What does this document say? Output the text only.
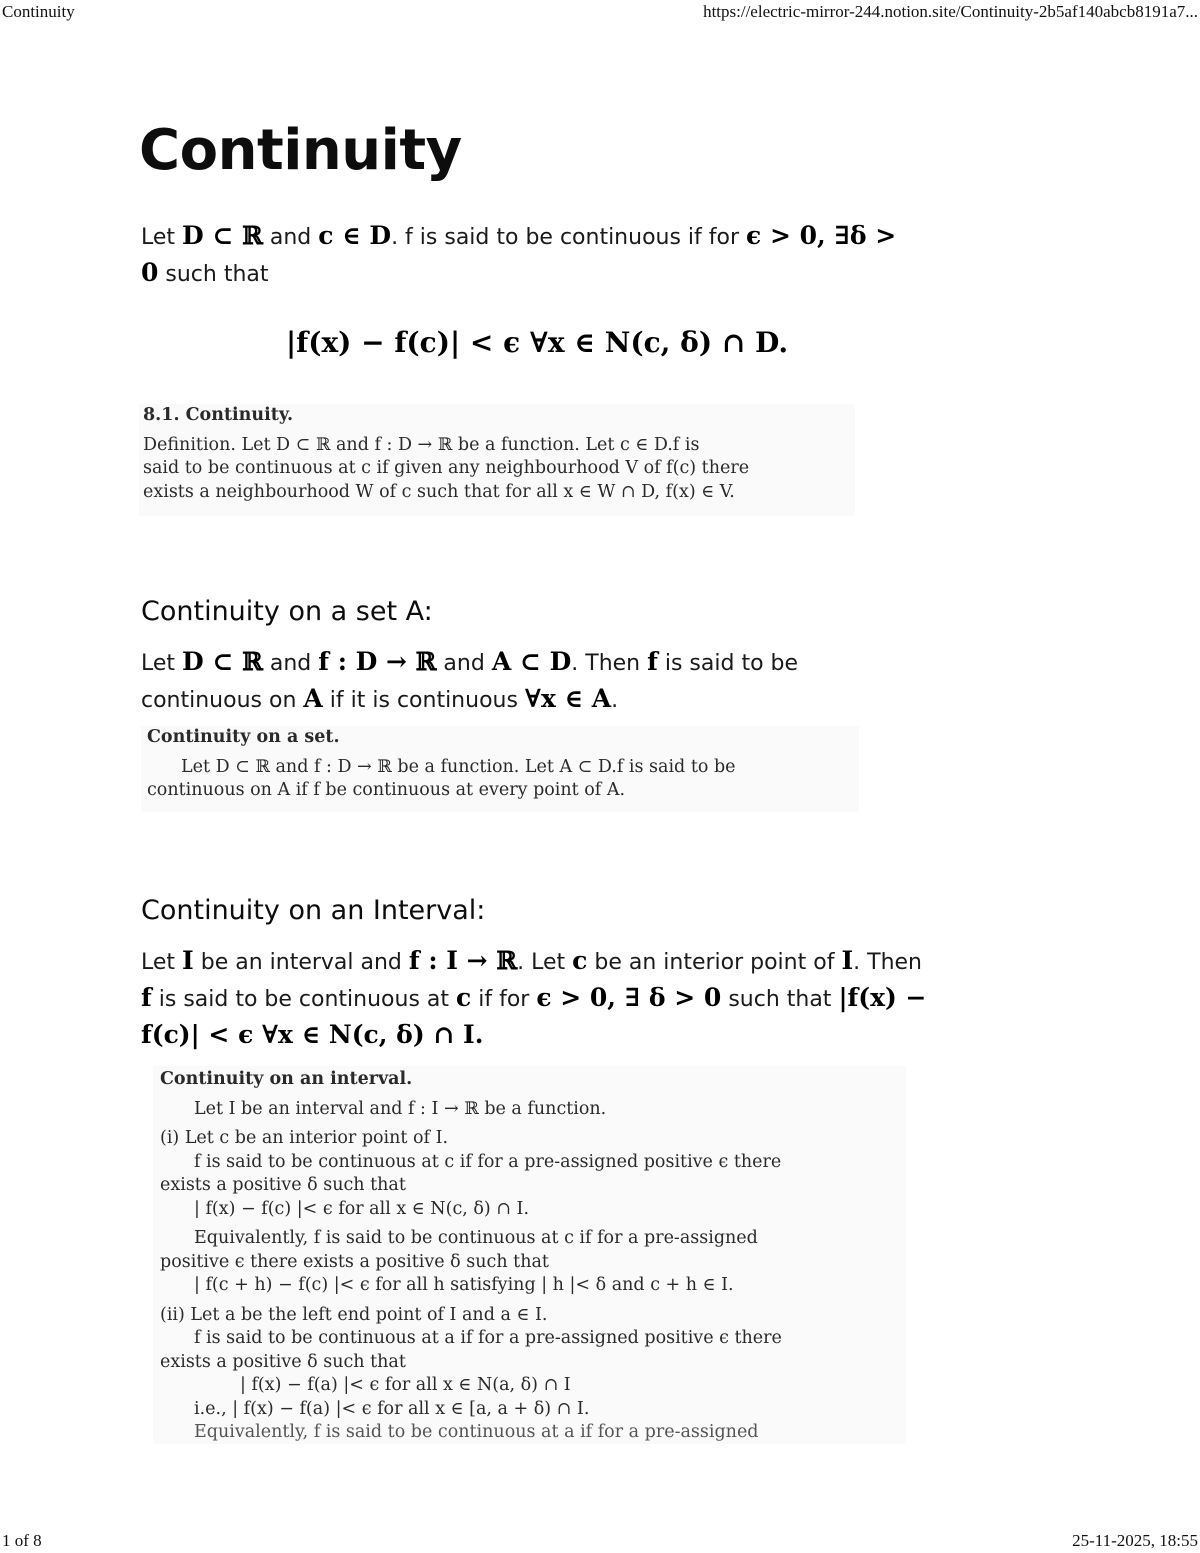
Continuity	https://electric-mirror-244.notion.site/Continuity-2b5af140abcb8191a7...
Continuity

Let D ⊂ ℝ and c ∈ D. f is said to be continuous if for ϵ > 0, ∃δ > 0 such that

|f(x) − f(c)| < ϵ ∀x ∈ N(c, δ) ∩ D.

8.1. Continuity.

Definition. Let D ⊂ ℝ and f : D → ℝ be a function. Let c ∈ D.f is

said to be continuous at c if given any neighbourhood V of f(c) there

exists a neighbourhood W of c such that for all x ∈ W ∩ D, f(x) ∈ V.

Continuity on a set A:

Let D ⊂ ℝ and f : D → ℝ and A ⊂ D. Then f is said to be continuous on A if it is continuous ∀x ∈ A.

Continuity on a set.

Let D ⊂ ℝ and f : D → ℝ be a function. Let A ⊂ D.f is said to be

continuous on A if f be continuous at every point of A.

Continuity on an Interval:

Let I be an interval and f : I → ℝ. Let c be an interior point of I. Then f is said to be continuous at c if for ϵ > 0, ∃ δ > 0 such that |f(x) − f(c)| < ϵ ∀x ∈ N(c, δ) ∩ I.

Continuity on an interval.

Let I be an interval and f : I → ℝ be a function.

(i) Let c be an interior point of I.

f is said to be continuous at c if for a pre-assigned positive ϵ there

exists a positive δ such that

| f(x) − f(c) |< ϵ for all x ∈ N(c, δ) ∩ I.

Equivalently, f is said to be continuous at c if for a pre-assigned

positive ϵ there exists a positive δ such that

| f(c + h) − f(c) |< ϵ for all h satisfying | h |< δ and c + h ∈ I.

(ii) Let a be the left end point of I and a ∈ I.

f is said to be continuous at a if for a pre-assigned positive ϵ there

exists a positive δ such that

| f(x) − f(a) |< ϵ for all x ∈ N(a, δ) ∩ I

i.e., | f(x) − f(a) |< ϵ for all x ∈ [a, a + δ) ∩ I.

Equivalently, f is said to be continuous at a if for a pre-assigned

1 of 8	25-11-2025, 18:55
